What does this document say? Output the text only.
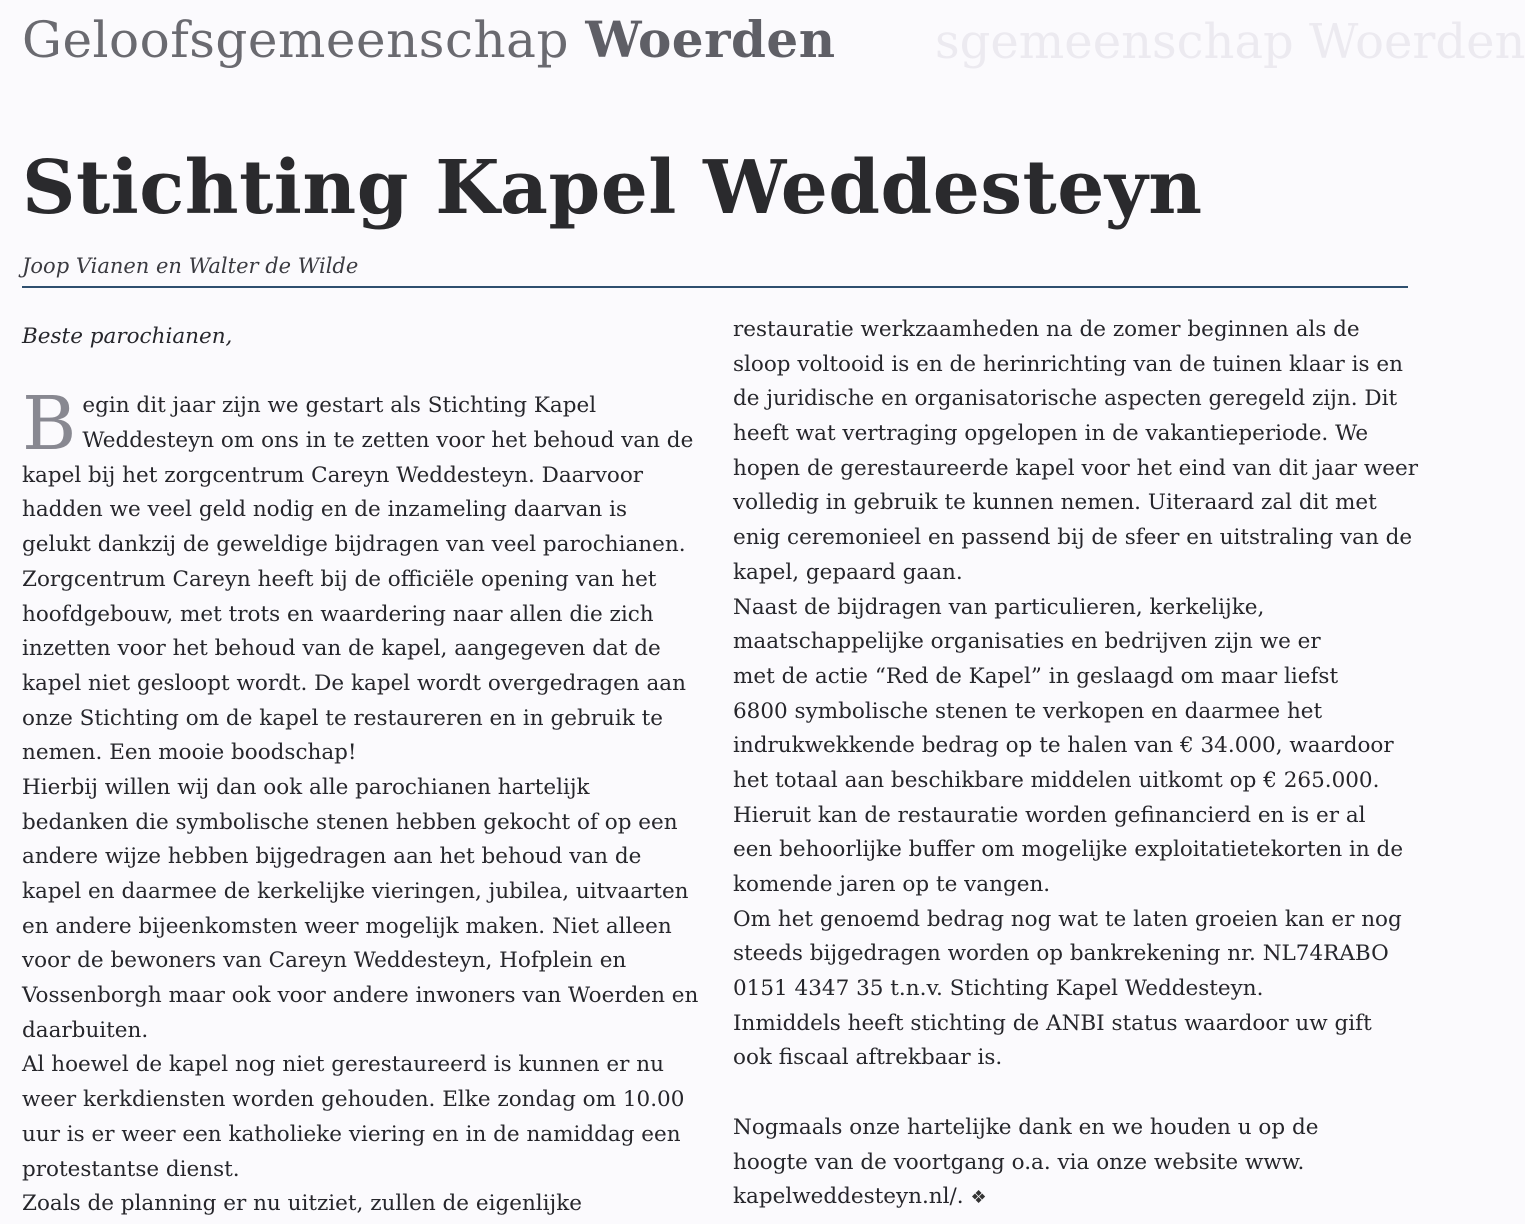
Geloofsgemeenschap Woerden sgemeenschap Woerden
Stichting Kapel Weddesteyn
Joop Vianen en Walter de Wilde
Beste parochianen,
B egin dit jaar zijn we gestart als Stichting Kapel
Weddesteyn om ons in te zetten voor het behoud van de
kapel bij het zorgcentrum Careyn Weddesteyn. Daarvoor
hadden we veel geld nodig en de inzameling daarvan is
gelukt dankzij de geweldige bijdragen van veel parochianen.
Zorgcentrum Careyn heeft bij de officiële opening van het
hoofdgebouw, met trots en waardering naar allen die zich
inzetten voor het behoud van de kapel, aangegeven dat de
kapel niet gesloopt wordt. De kapel wordt overgedragen aan
onze Stichting om de kapel te restaureren en in gebruik te
nemen. Een mooie boodschap!
Hierbij willen wij dan ook alle parochianen hartelijk
bedanken die symbolische stenen hebben gekocht of op een
andere wijze hebben bijgedragen aan het behoud van de
kapel en daarmee de kerkelijke vieringen, jubilea, uitvaarten
en andere bijeenkomsten weer mogelijk maken. Niet alleen
voor de bewoners van Careyn Weddesteyn, Hofplein en
Vossenborgh maar ook voor andere inwoners van Woerden en
daarbuiten.
Al hoewel de kapel nog niet gerestaureerd is kunnen er nu
weer kerkdiensten worden gehouden. Elke zondag om 10.00
uur is er weer een katholieke viering en in de namiddag een
protestantse dienst.
Zoals de planning er nu uitziet, zullen de eigenlijke
restauratie werkzaamheden na de zomer beginnen als de
sloop voltooid is en de herinrichting van de tuinen klaar is en
de juridische en organisatorische aspecten geregeld zijn. Dit
heeft wat vertraging opgelopen in de vakantieperiode. We
hopen de gerestaureerde kapel voor het eind van dit jaar weer
volledig in gebruik te kunnen nemen. Uiteraard zal dit met
enig ceremonieel en passend bij de sfeer en uitstraling van de
kapel, gepaard gaan.
Naast de bijdragen van particulieren, kerkelijke,
maatschappelijke organisaties en bedrijven zijn we er
met de actie “Red de Kapel” in geslaagd om maar liefst
6800 symbolische stenen te verkopen en daarmee het
indrukwekkende bedrag op te halen van € 34.000, waardoor
het totaal aan beschikbare middelen uitkomt op € 265.000.
Hieruit kan de restauratie worden gefinancierd en is er al
een behoorlijke buffer om mogelijke exploitatietekorten in de
komende jaren op te vangen.
Om het genoemd bedrag nog wat te laten groeien kan er nog
steeds bijgedragen worden op bankrekening nr. NL74RABO
0151 4347 35 t.n.v. Stichting Kapel Weddesteyn.
Inmiddels heeft stichting de ANBI status waardoor uw gift
ook fiscaal aftrekbaar is.
Nogmaals onze hartelijke dank en we houden u op de
hoogte van de voortgang o.a. via onze website www.
kapelweddesteyn.nl/. ❖
